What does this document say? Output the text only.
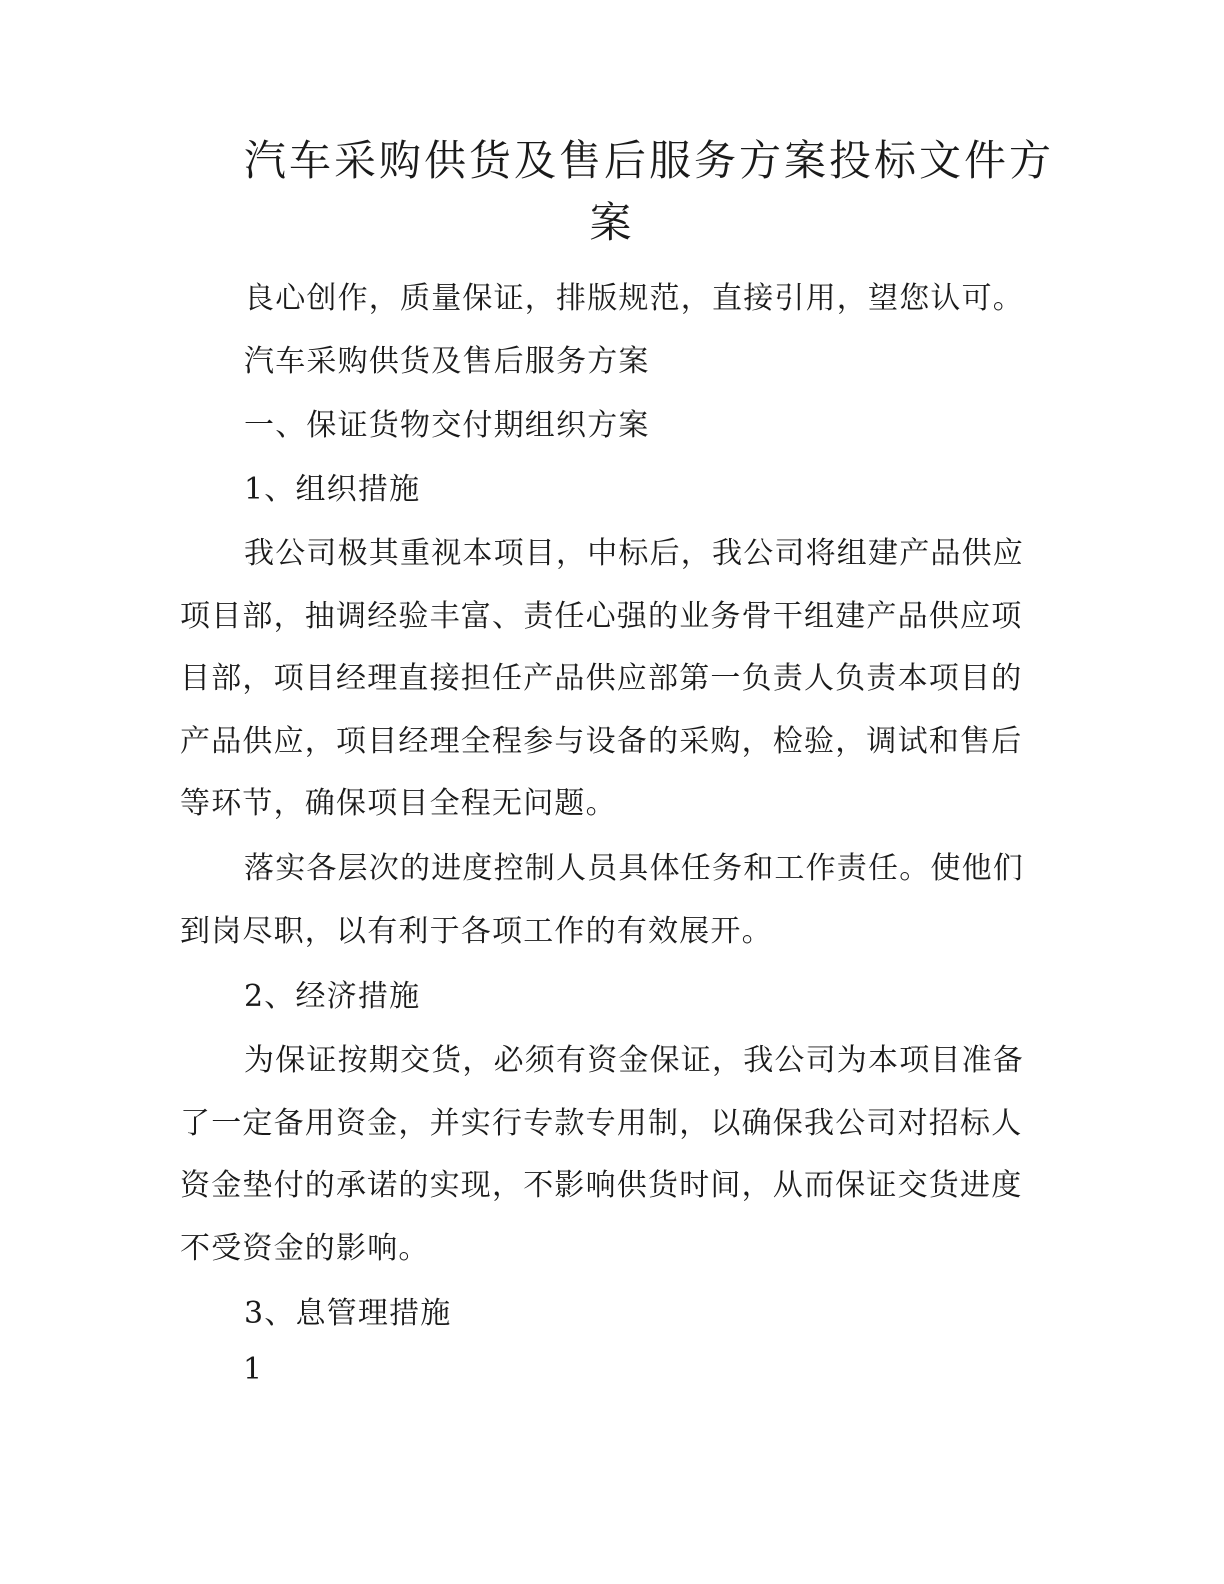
汽车采购供货及售后服务方案投标文件方
案
良心创作，质量保证，排版规范，直接引用，望您认可。
汽车采购供货及售后服务方案
一、保证货物交付期组织方案
1、组织措施
我公司极其重视本项目，中标后，我公司将组建产品供应
项目部，抽调经验丰富、责任心强的业务骨干组建产品供应项
目部，项目经理直接担任产品供应部第一负责人负责本项目的
产品供应，项目经理全程参与设备的采购，检验，调试和售后
等环节，确保项目全程无问题。
落实各层次的进度控制人员具体任务和工作责任。使他们
到岗尽职，以有利于各项工作的有效展开。
2、经济措施
为保证按期交货，必须有资金保证，我公司为本项目准备
了一定备用资金，并实行专款专用制，以确保我公司对招标人
资金垫付的承诺的实现，不影响供货时间，从而保证交货进度
不受资金的影响。
3、息管理措施
1
